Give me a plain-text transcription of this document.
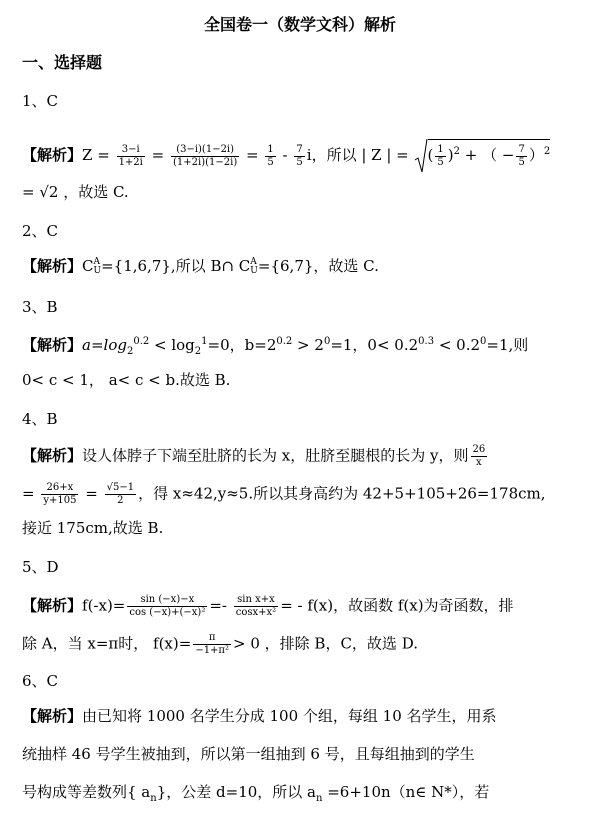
全国卷一（数学文科）解析
一、选择题
1、C
【解析】$Z = \frac{3-i}{1+2i} = \frac{(3-i)(1-2i)}{(1+2i)(1-2i)} = \frac{1}{5} - \frac{7}{5}$ i，所以 | Z | = ( $\frac{1}{5} )^2$ + （ − $\frac{7}{5} )^2$
= √2 ，故选 C.
2、C
【解析】C A
U ={1,6,7},所以 B∩ C A
U ={6,7}，故选 C.
3、B
【解析】$a=\log_2^{0.2} < \log_2^1=0$，$b=2^{0.2} > 2^0=1$，$0< 0.2^{0.3} < 0.2^0=1$,则
0< c < 1， a< c < b.故选 B.
4、B
【解析】设人体脖子下端至肚脐的长为 x，肚脐至腿根的长为 y，则 $\frac{26}{x}$
= $\frac{26+x}{y+105} = \frac{√5-1}{2}$ ，得 x≈42,y≈5.所以其身高约为 42+5+105+26=178cm,
接近 175cm,故选 B.
5、D
【解析】$f(-x)= \frac{\sin (-x)-x}{\text{cos (−x)+(−x)²}} =- \frac{\text{sin x+x}}{\text{cosx+x²}}$ = - f(x)，故函数 f(x)为奇函数，排
除 A，当 x=π时， $f(x)= \frac{\pi}{\text{−1+π²}} > 0$ ，排除 B，C，故选 D.
6、C
【解析】由已知将 1000 名学生分成 100 个组，每组 10 名学生，用系
统抽样 46 号学生被抽到，所以第一组抽到 6 号，且每组抽到的学生
号构成等差数列{ $a_n$}，公差 d=10，所以 $a_n$ =6+10n（n∈ N*），若
